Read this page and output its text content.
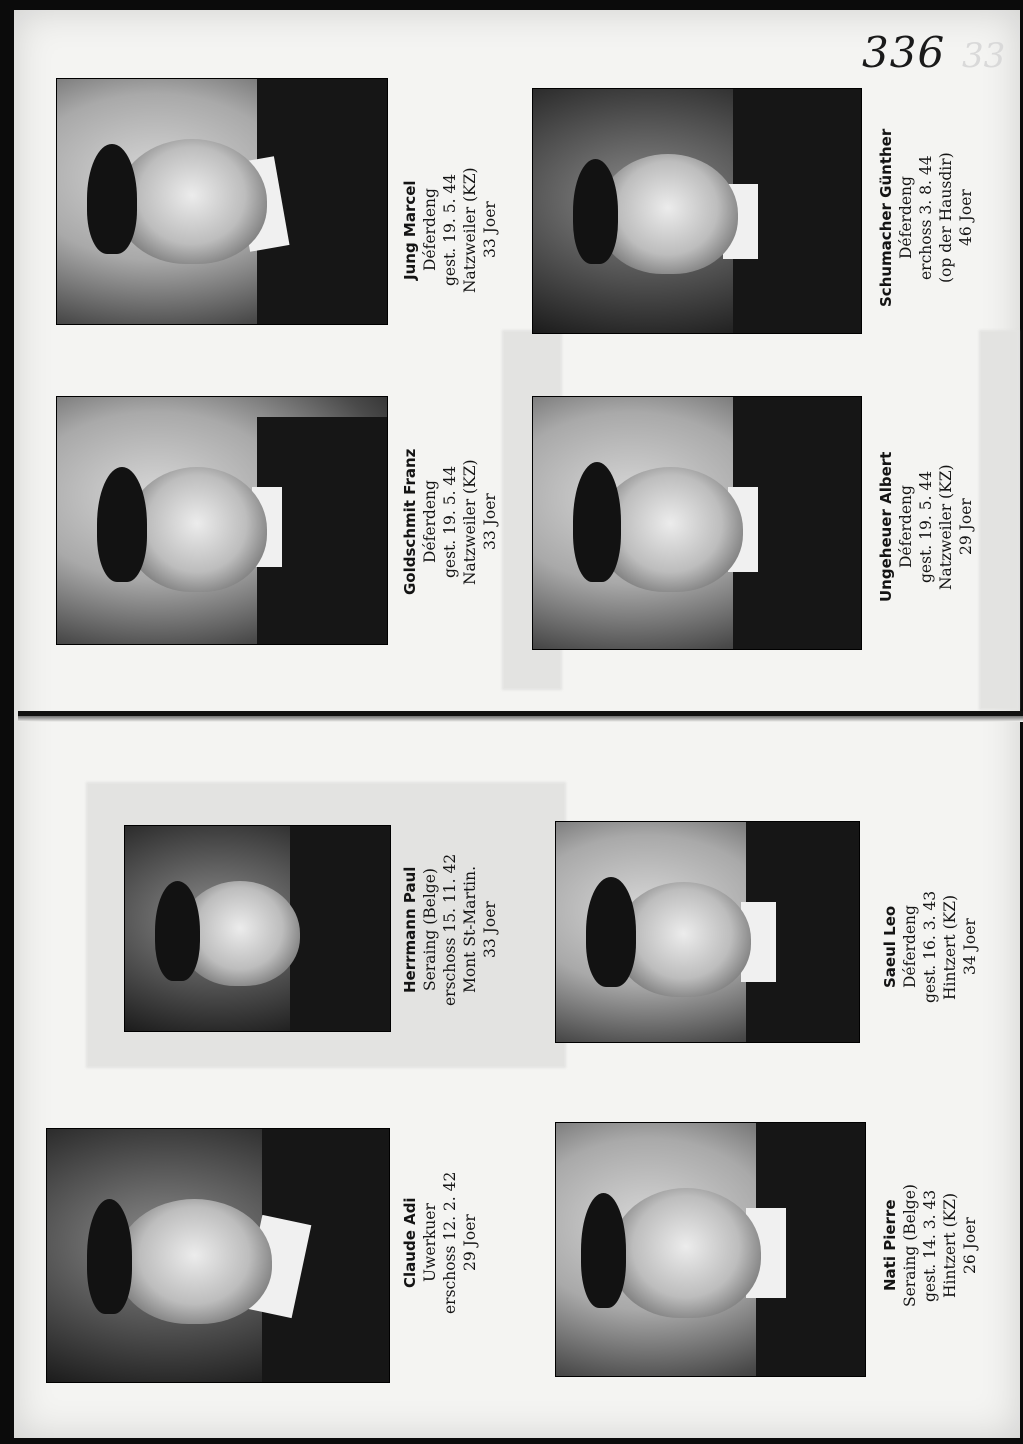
336 33
Jung Marcel Déferdeng gest. 19. 5. 44 Natzweiler (KZ) 33 Joer
Goldschmit Franz Déferdeng gest. 19. 5. 44 Natzweiler (KZ) 33 Joer
Schumacher Günther Déferdeng erchoss 3. 8. 44 (op der Hausdir) 46 Joer
Ungeheuer Albert Déferdeng gest. 19. 5. 44 Natzweiler (KZ) 29 Joer
Herrmann Paul Seraing (Belge) erschoss 15. 11. 42 Mont St-Martin. 33 Joer
Claude Adi Uwerkuer erschoss 12. 2. 42 29 Joer
Saeul Leo Déferdeng gest. 16. 3. 43 Hintzert (KZ) 34 Joer
Nati Pierre Seraing (Belge) gest. 14. 3. 43 Hintzert (KZ) 26 Joer
